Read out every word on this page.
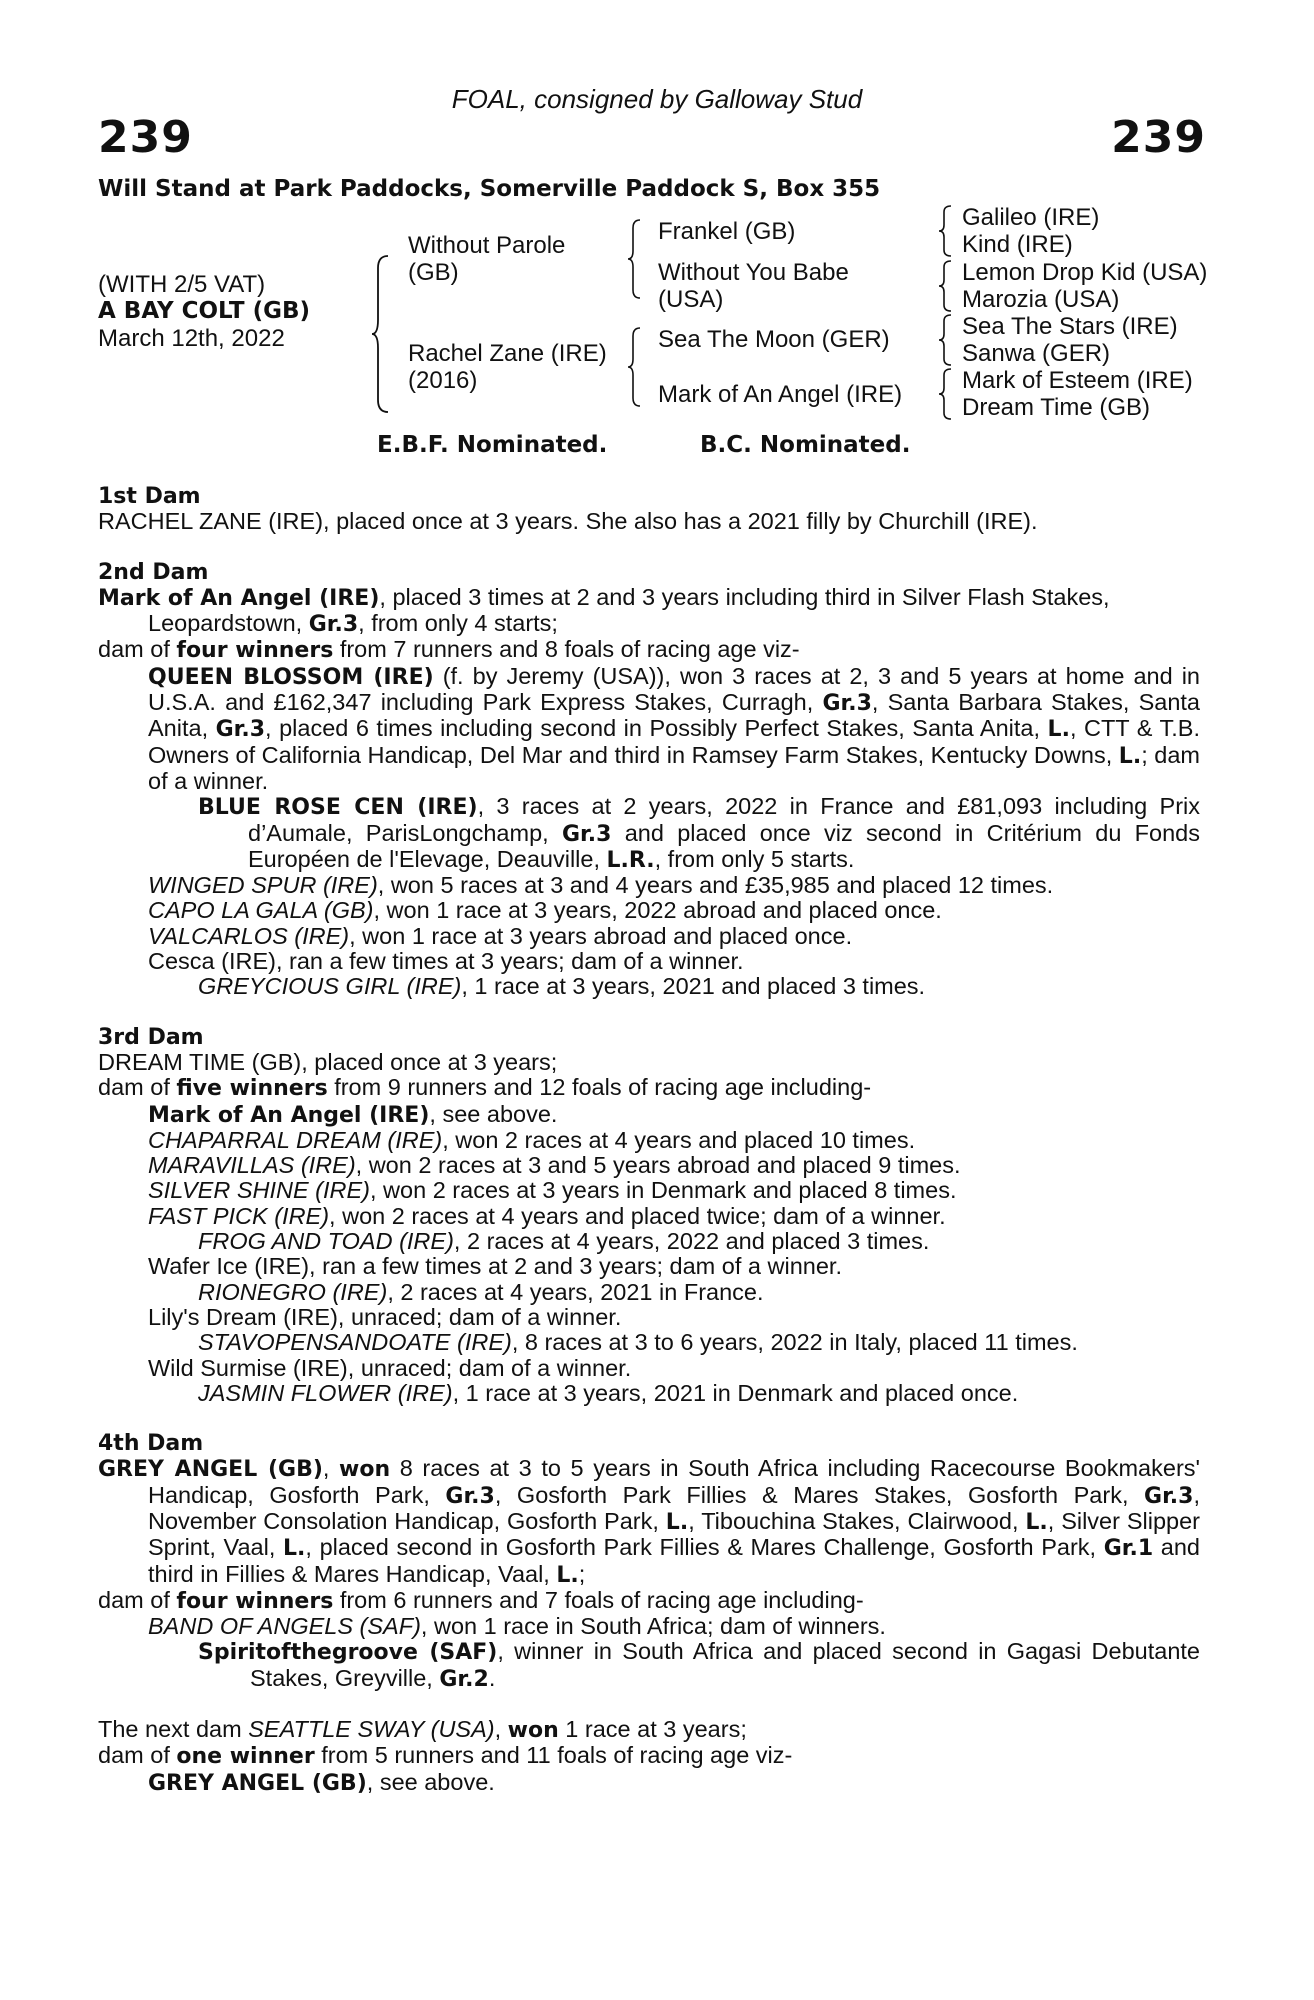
FOAL, consigned by Galloway Stud
239	239
Will Stand at Park Paddocks, Somerville Paddock S, Box 355
(WITH 2/5 VAT)
A BAY COLT (GB)
March 12th, 2022
Without Parole
(GB)
Rachel Zane (IRE)
(2016)
Frankel (GB)
Without You Babe
(USA)
Sea The Moon (GER)
Mark of An Angel (IRE)
Galileo (IRE)
Kind (IRE)
Lemon Drop Kid (USA)
Marozia (USA)
Sea The Stars (IRE)
Sanwa (GER)
Mark of Esteem (IRE)
Dream Time (GB)
E.B.F. Nominated.	B.C. Nominated.
1st Dam
RACHEL ZANE (IRE), placed once at 3 years. She also has a 2021 filly by Churchill (IRE).
2nd Dam
Mark of An Angel (IRE), placed 3 times at 2 and 3 years including third in Silver Flash Stakes,
Leopardstown, Gr.3, from only 4 starts;
dam of four winners from 7 runners and 8 foals of racing age viz-
QUEEN BLOSSOM (IRE) (f. by Jeremy (USA)), won 3 races at 2, 3 and 5 years at home and in U.S.A. and £162,347 including Park Express Stakes, Curragh, Gr.3, Santa Barbara Stakes, Santa Anita, Gr.3, placed 6 times including second in Possibly Perfect Stakes, Santa Anita, L., CTT & T.B. Owners of California Handicap, Del Mar and third in Ramsey Farm Stakes, Kentucky Downs, L.; dam of a winner.
BLUE ROSE CEN (IRE), 3 races at 2 years, 2022 in France and £81,093 including Prix d’Aumale, ParisLongchamp, Gr.3 and placed once viz second in Critérium du Fonds Européen de l'Elevage, Deauville, L.R., from only 5 starts.
WINGED SPUR (IRE), won 5 races at 3 and 4 years and £35,985 and placed 12 times.
CAPO LA GALA (GB), won 1 race at 3 years, 2022 abroad and placed once.
VALCARLOS (IRE), won 1 race at 3 years abroad and placed once.
Cesca (IRE), ran a few times at 3 years; dam of a winner.
GREYCIOUS GIRL (IRE), 1 race at 3 years, 2021 and placed 3 times.
3rd Dam
DREAM TIME (GB), placed once at 3 years;
dam of five winners from 9 runners and 12 foals of racing age including-
Mark of An Angel (IRE), see above.
CHAPARRAL DREAM (IRE), won 2 races at 4 years and placed 10 times.
MARAVILLAS (IRE), won 2 races at 3 and 5 years abroad and placed 9 times.
SILVER SHINE (IRE), won 2 races at 3 years in Denmark and placed 8 times.
FAST PICK (IRE), won 2 races at 4 years and placed twice; dam of a winner.
FROG AND TOAD (IRE), 2 races at 4 years, 2022 and placed 3 times.
Wafer Ice (IRE), ran a few times at 2 and 3 years; dam of a winner.
RIONEGRO (IRE), 2 races at 4 years, 2021 in France.
Lily's Dream (IRE), unraced; dam of a winner.
STAVOPENSANDOATE (IRE), 8 races at 3 to 6 years, 2022 in Italy, placed 11 times.
Wild Surmise (IRE), unraced; dam of a winner.
JASMIN FLOWER (IRE), 1 race at 3 years, 2021 in Denmark and placed once.
4th Dam
GREY ANGEL (GB), won 8 races at 3 to 5 years in South Africa including Racecourse Bookmakers' Handicap, Gosforth Park, Gr.3, Gosforth Park Fillies & Mares Stakes, Gosforth Park, Gr.3, November Consolation Handicap, Gosforth Park, L., Tibouchina Stakes, Clairwood, L., Silver Slipper Sprint, Vaal, L., placed second in Gosforth Park Fillies & Mares Challenge, Gosforth Park, Gr.1 and third in Fillies & Mares Handicap, Vaal, L.;
dam of four winners from 6 runners and 7 foals of racing age including-
BAND OF ANGELS (SAF), won 1 race in South Africa; dam of winners.
Spiritofthegroove (SAF), winner in South Africa and placed second in Gagasi Debutante Stakes, Greyville, Gr.2.
The next dam SEATTLE SWAY (USA), won 1 race at 3 years;
dam of one winner from 5 runners and 11 foals of racing age viz-
GREY ANGEL (GB), see above.
